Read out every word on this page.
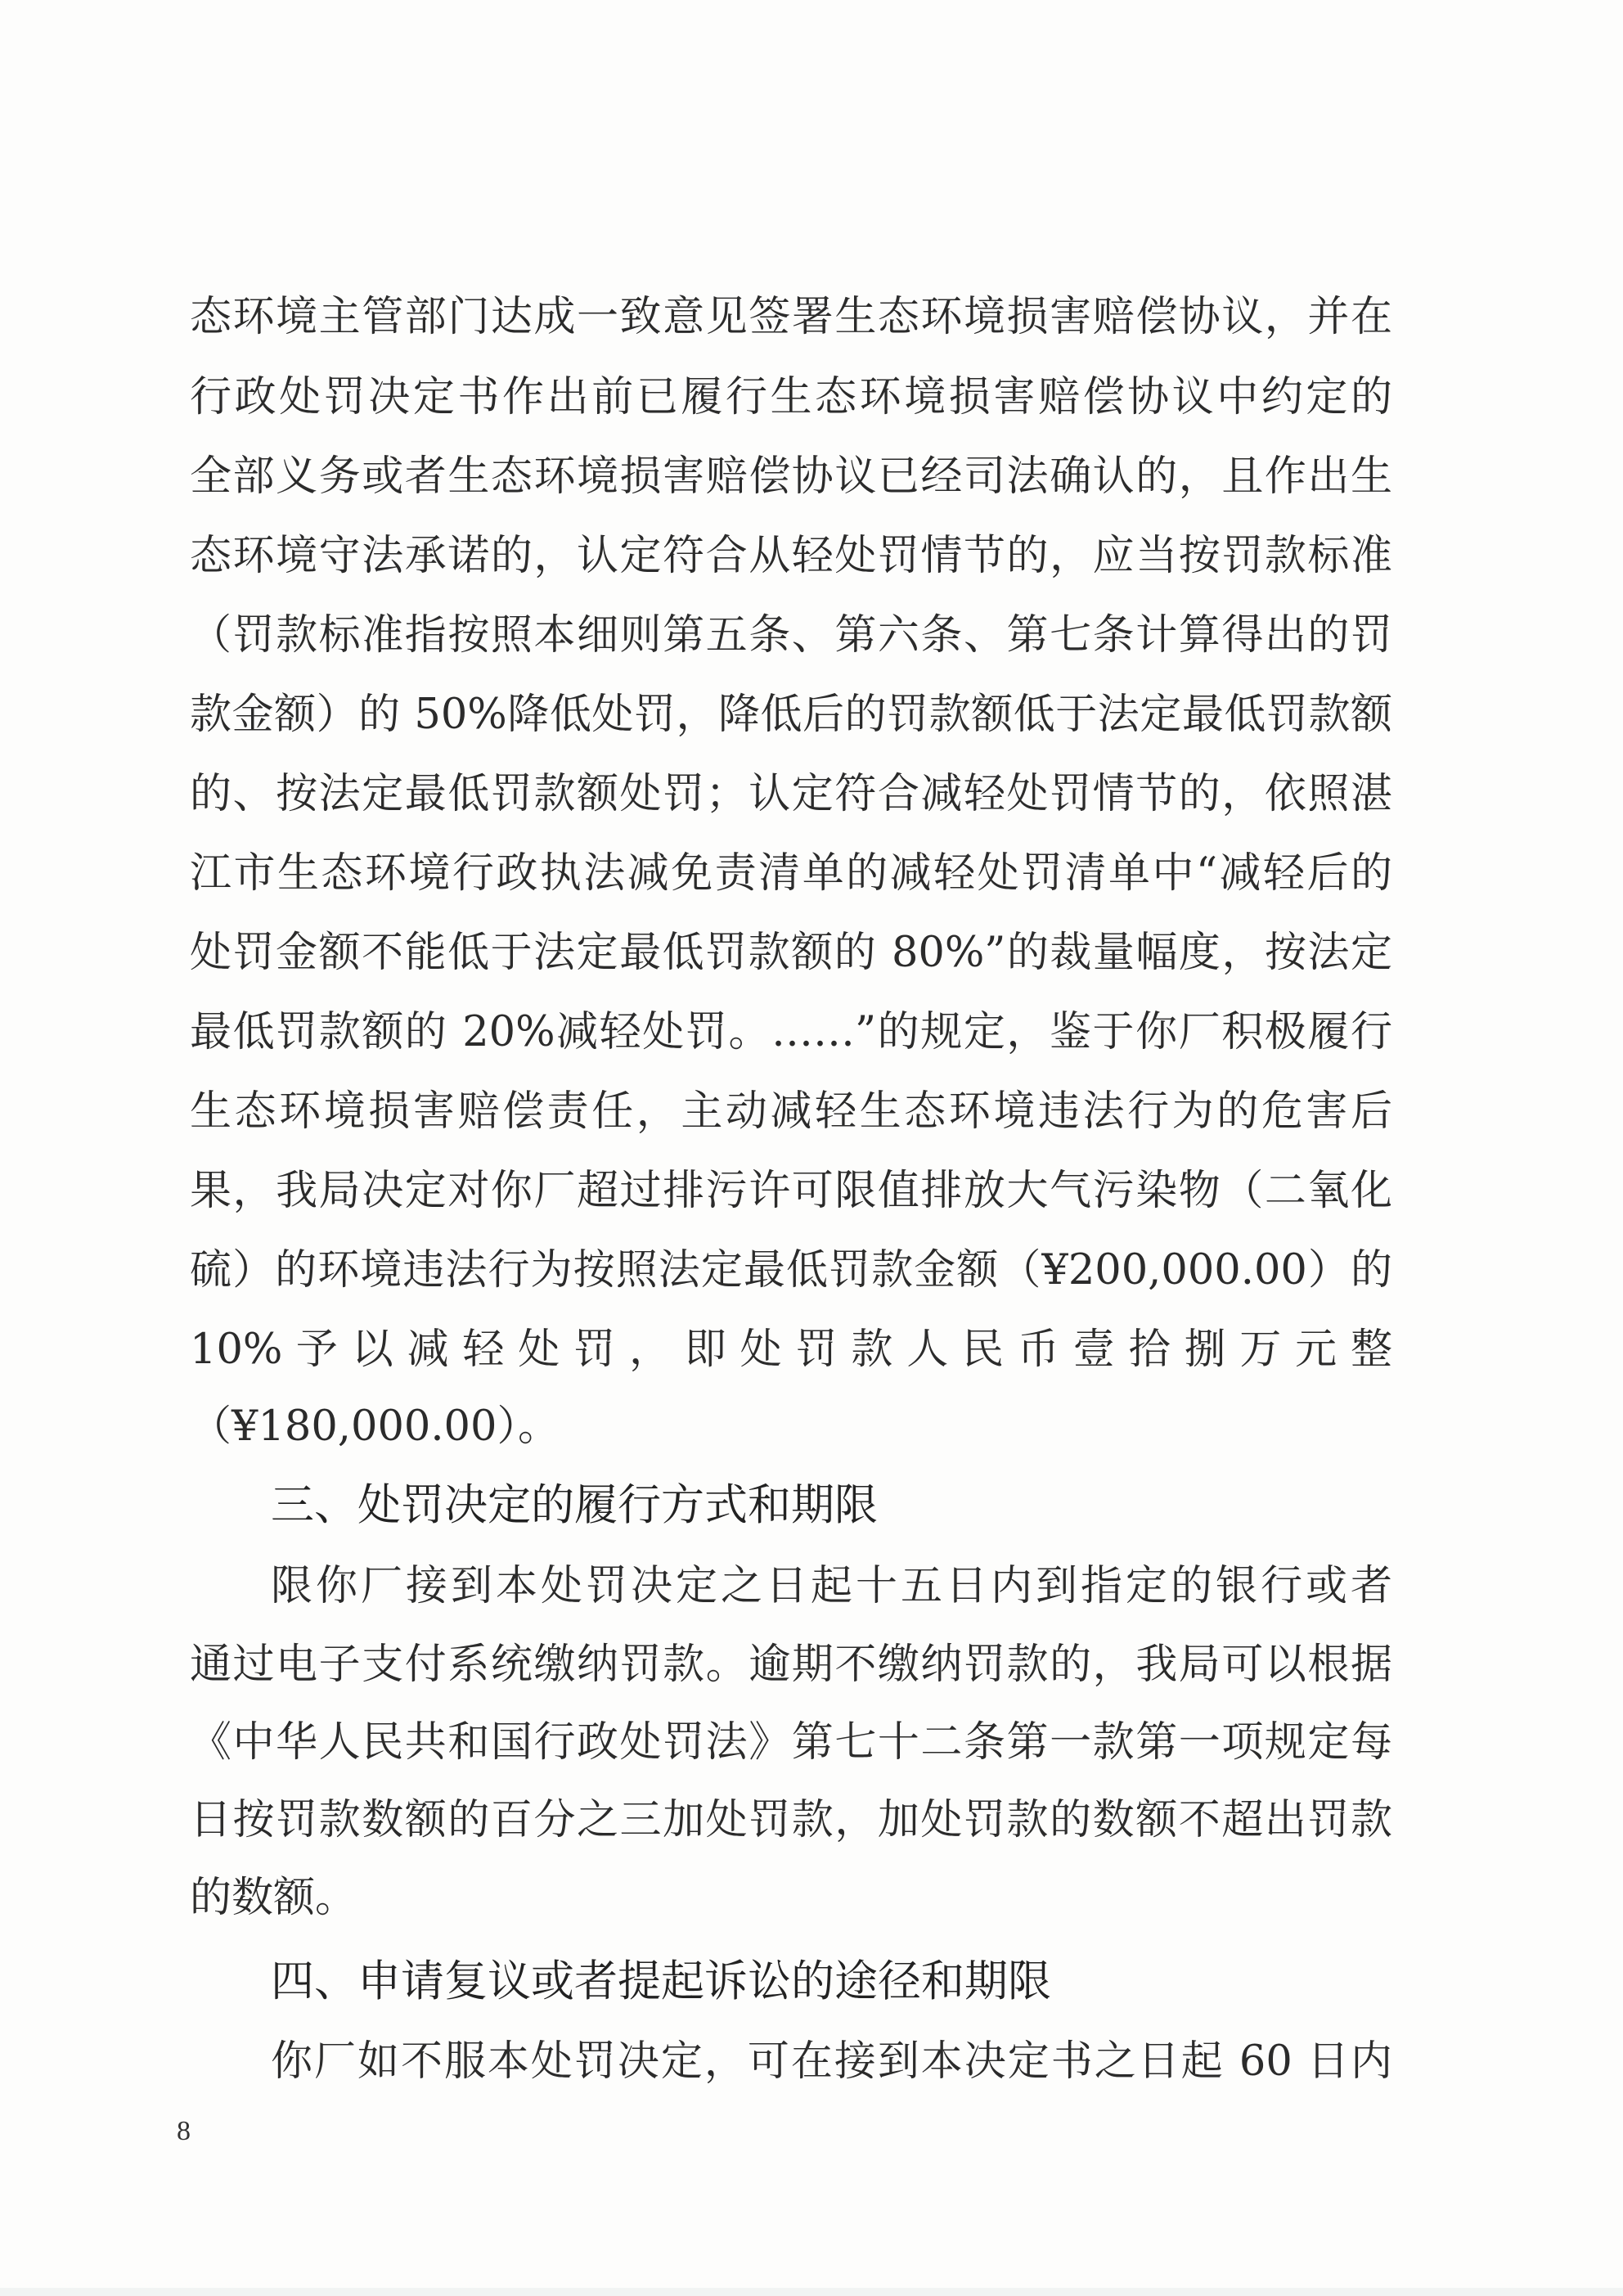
态环境主管部门达成一致意见签署生态环境损害赔偿协议，并在
行政处罚决定书作出前已履行生态环境损害赔偿协议中约定的
全部义务或者生态环境损害赔偿协议已经司法确认的，且作出生
态环境守法承诺的，认定符合从轻处罚情节的，应当按罚款标准
（罚款标准指按照本细则第五条、第六条、第七条计算得出的罚
款金额）的 50%降低处罚，降低后的罚款额低于法定最低罚款额
的、按法定最低罚款额处罚；认定符合减轻处罚情节的，依照湛
江市生态环境行政执法减免责清单的减轻处罚清单中“减轻后的
处罚金额不能低于法定最低罚款额的 80%”的裁量幅度，按法定
最低罚款额的 20%减轻处罚。……”的规定，鉴于你厂积极履行
生态环境损害赔偿责任，主动减轻生态环境违法行为的危害后
果，我局决定对你厂超过排污许可限值排放大气污染物（二氧化
硫）的环境违法行为按照法定最低罚款金额（¥200,000.00）的
10% 予 以 减 轻 处 罚 ， 即 处 罚 款 人 民 币 壹 拾 捌 万 元 整
（¥180,000.00）。
三、处罚决定的履行方式和期限
限你厂接到本处罚决定之日起十五日内到指定的银行或者
通过电子支付系统缴纳罚款。逾期不缴纳罚款的，我局可以根据
《中华人民共和国行政处罚法》第七十二条第一款第一项规定每
日按罚款数额的百分之三加处罚款，加处罚款的数额不超出罚款
的数额。
四、申请复议或者提起诉讼的途径和期限
你厂如不服本处罚决定，可在接到本决定书之日起 60 日内
8
